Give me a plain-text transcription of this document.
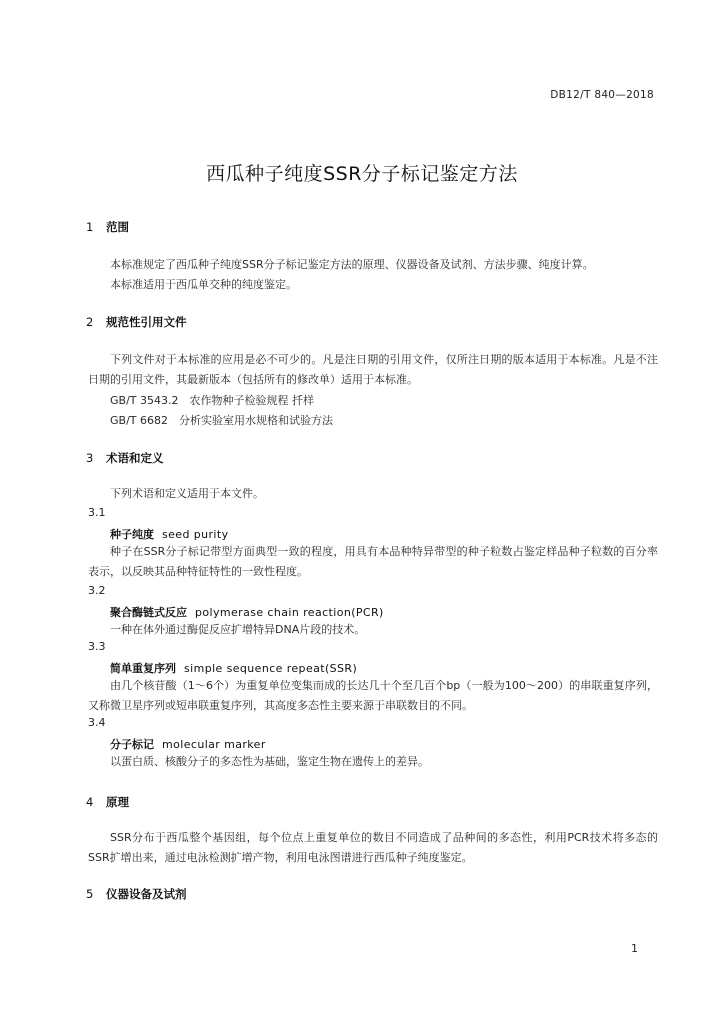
DB12/T 840—2018
西瓜种子纯度SSR分子标记鉴定方法
1 范围
本标准规定了西瓜种子纯度SSR分子标记鉴定方法的原理、仪器设备及试剂、方法步骤、纯度计算。
本标准适用于西瓜单交种的纯度鉴定。
2 规范性引用文件
下列文件对于本标准的应用是必不可少的。凡是注日期的引用文件，仅所注日期的版本适用于本标准。凡是不注日期的引用文件，其最新版本（包括所有的修改单）适用于本标准。
GB/T 3543.2　农作物种子检验规程 扦样
GB/T 6682　分析实验室用水规格和试验方法
3 术语和定义
下列术语和定义适用于本文件。
3.1
种子纯度 seed purity
种子在SSR分子标记带型方面典型一致的程度，用具有本品种特异带型的种子粒数占鉴定样品种子粒数的百分率表示，以反映其品种特征特性的一致性程度。
3.2
聚合酶链式反应 polymerase chain reaction(PCR)
一种在体外通过酶促反应扩增特异DNA片段的技术。
3.3
简单重复序列 simple sequence repeat(SSR)
由几个核苷酸（1～6个）为重复单位变集而成的长达几十个至几百个bp（一般为100～200）的串联重复序列，又称微卫星序列或短串联重复序列，其高度多态性主要来源于串联数目的不同。
3.4
分子标记 molecular marker
以蛋白质、核酸分子的多态性为基础，鉴定生物在遗传上的差异。
4 原理
SSR分布于西瓜整个基因组，每个位点上重复单位的数目不同造成了品种间的多态性，利用PCR技术将多态的SSR扩增出来，通过电泳检测扩增产物，利用电泳图谱进行西瓜种子纯度鉴定。
5 仪器设备及试剂
1
